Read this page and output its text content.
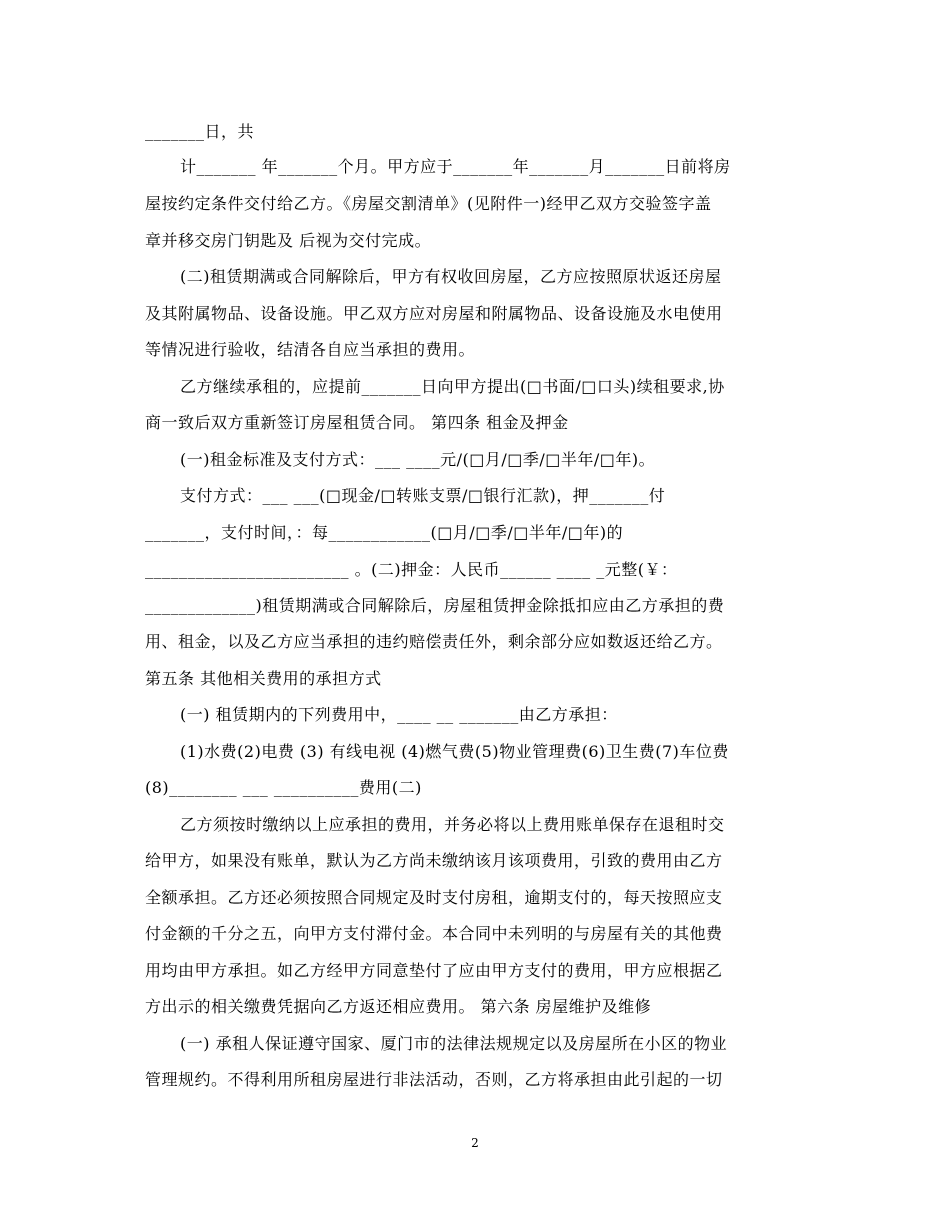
_______日，共
计_______ 年_______个月。甲方应于_______年_______月_______日前将房
屋按约定条件交付给乙方。《房屋交割清单》(见附件一)经甲乙双方交验签字盖
章并移交房门钥匙及 后视为交付完成。
(二)租赁期满或合同解除后，甲方有权收回房屋，乙方应按照原状返还房屋
及其附属物品、设备设施。甲乙双方应对房屋和附属物品、设备设施及水电使用
等情况进行验收，结清各自应当承担的费用。
乙方继续承租的，应提前_______日向甲方提出(□书面/□口头)续租要求,协
商一致后双方重新签订房屋租赁合同。 第四条 租金及押金
(一)租金标准及支付方式：___ ____元/(□月/□季/□半年/□年)。
支付方式：___ ___(□现金/□转账支票/□银行汇款)，押_______付
_______，支付时间，：每____________(□月/□季/□半年/□年)的
________________________ 。(二)押金：人民币______ ____ _元整(￥：
_____________)租赁期满或合同解除后，房屋租赁押金除抵扣应由乙方承担的费
用、租金，以及乙方应当承担的违约赔偿责任外，剩余部分应如数返还给乙方。
第五条 其他相关费用的承担方式
(一) 租赁期内的下列费用中，____ __ _______由乙方承担：
(1)水费(2)电费 (3) 有线电视 (4)燃气费(5)物业管理费(6)卫生费(7)车位费
(8)________ ___ __________费用(二)
乙方须按时缴纳以上应承担的费用，并务必将以上费用账单保存在退租时交
给甲方，如果没有账单，默认为乙方尚未缴纳该月该项费用，引致的费用由乙方
全额承担。乙方还必须按照合同规定及时支付房租，逾期支付的，每天按照应支
付金额的千分之五，向甲方支付滞付金。本合同中未列明的与房屋有关的其他费
用均由甲方承担。如乙方经甲方同意垫付了应由甲方支付的费用，甲方应根据乙
方出示的相关缴费凭据向乙方返还相应费用。 第六条 房屋维护及维修
(一) 承租人保证遵守国家、厦门市的法律法规规定以及房屋所在小区的物业
管理规约。不得利用所租房屋进行非法活动，否则，乙方将承担由此引起的一切
2
